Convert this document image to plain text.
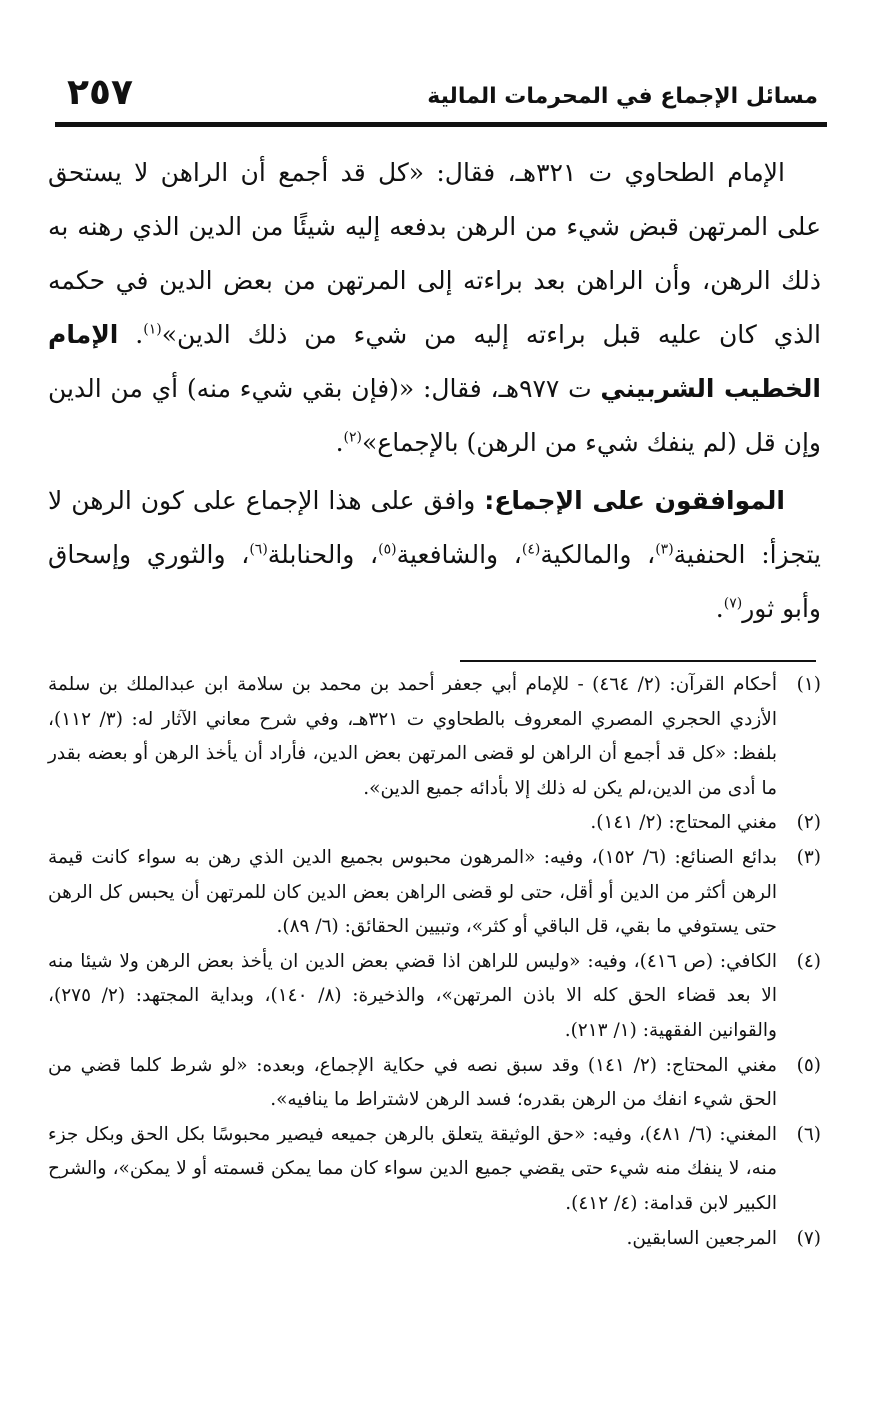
٢٥٧	مسائل الإجماع في المحرمات المالية

الإمام الطحاوي ت ٣٢١هـ، فقال: «كل قد أجمع أن الراهن لا يستحق على المرتهن قبض شيء من الرهن بدفعه إليه شيئًا من الدين الذي رهنه به ذلك الرهن، وأن الراهن بعد براءته إلى المرتهن من بعض الدين في حكمه الذي كان عليه قبل براءته إليه من شيء من ذلك الدين»$^{(١)}$. الإمام الخطيب الشربيني ت ٩٧٧هـ، فقال: «(فإن بقي شيء منه) أي من الدين وإن قل (لم ينفك شيء من الرهن) بالإجماع»$^{(٢)}$.

الموافقون على الإجماع: وافق على هذا الإجماع على كون الرهن لا يتجزأ: الحنفية$^{(٣)}$، والمالكية$^{(٤)}$، والشافعية$^{(٥)}$، والحنابلة$^{(٦)}$، والثوري وإسحاق وأبو ثور$^{(٧)}$.

(١)
أحكام القرآن: (٢/ ٤٦٤) - للإمام أبي جعفر أحمد بن محمد بن سلامة ابن عبدالملك بن سلمة الأزدي الحجري المصري المعروف بالطحاوي ت ٣٢١هـ، وفي شرح معاني الآثار له: (٣/ ١١٢)، بلفظ: «كل قد أجمع أن الراهن لو قضى المرتهن بعض الدين، فأراد أن يأخذ الرهن أو بعضه بقدر ما أدى من الدين،لم يكن له ذلك إلا بأدائه جميع الدين».
(٢)
مغني المحتاج: (٢/ ١٤١).
(٣)
بدائع الصنائع: (٦/ ١٥٢)، وفيه: «المرهون محبوس بجميع الدين الذي رهن به سواء كانت قيمة الرهن أكثر من الدين أو أقل، حتى لو قضى الراهن بعض الدين كان للمرتهن أن يحبس كل الرهن حتى يستوفي ما بقي، قل الباقي أو كثر»، وتبيين الحقائق: (٦/ ٨٩).
(٤)
الكافي: (ص ٤١٦)، وفيه: «وليس للراهن اذا قضي بعض الدين ان يأخذ بعض الرهن ولا شيئا منه الا بعد قضاء الحق كله الا باذن المرتهن»، والذخيرة: (٨/ ١٤٠)، وبداية المجتهد: (٢/ ٢٧٥)، والقوانين الفقهية: (١/ ٢١٣).
(٥)
مغني المحتاج: (٢/ ١٤١) وقد سبق نصه في حكاية الإجماع، وبعده: «لو شرط كلما قضي من الحق شيء انفك من الرهن بقدره؛ فسد الرهن لاشتراط ما ينافيه».
(٦)
المغني: (٦/ ٤٨١)، وفيه: «حق الوثيقة يتعلق بالرهن جميعه فيصير محبوسًا بكل الحق وبكل جزء منه، لا ينفك منه شيء حتى يقضي جميع الدين سواء كان مما يمكن قسمته أو لا يمكن»، والشرح الكبير لابن قدامة: (٤/ ٤١٢).
(٧)
المرجعين السابقين.
